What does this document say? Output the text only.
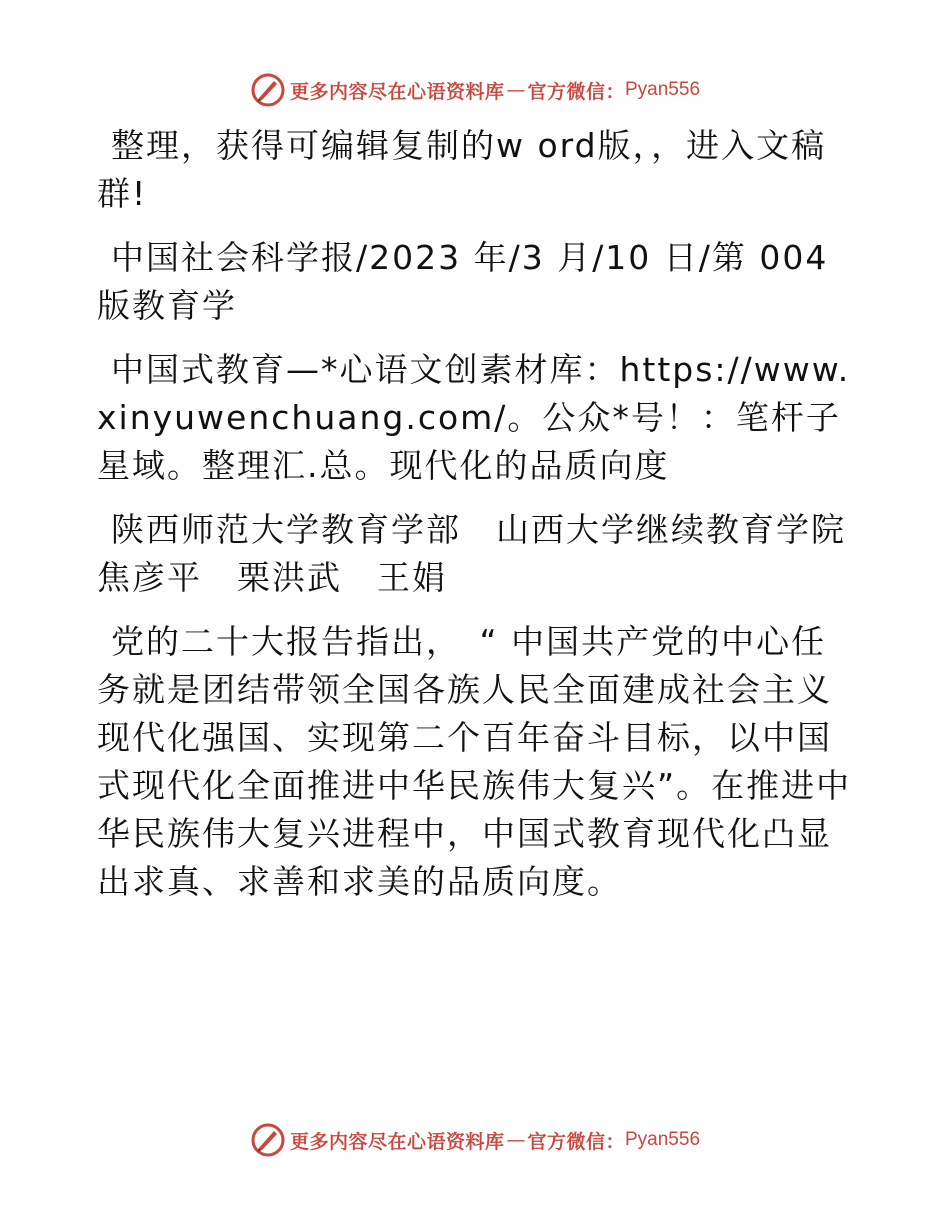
更多内容尽在心语资料库 — 官方微信： Pyan556

整理，获得可编辑复制的w ord版，，进入文稿群!

中国社会科学报/2023 年/3 月/10 日/第 004 版教育学

中国式教育—*心语文创素材库：https://www.xinyuwenchuang.com/。公众*号！：笔杆子星域。整理汇.总。现代化的品质向度

陕西师范大学教育学部　山西大学继续教育学院焦彦平　栗洪武　王娟

党的二十大报告指出，　“ 中国共产党的中心任务就是团结带领全国各族人民全面建成社会主义现代化强国、实现第二个百年奋斗目标，以中国式现代化全面推进中华民族伟大复兴”。在推进中华民族伟大复兴进程中，中国式教育现代化凸显出求真、求善和求美的品质向度。

更多内容尽在心语资料库 — 官方微信： Pyan556
